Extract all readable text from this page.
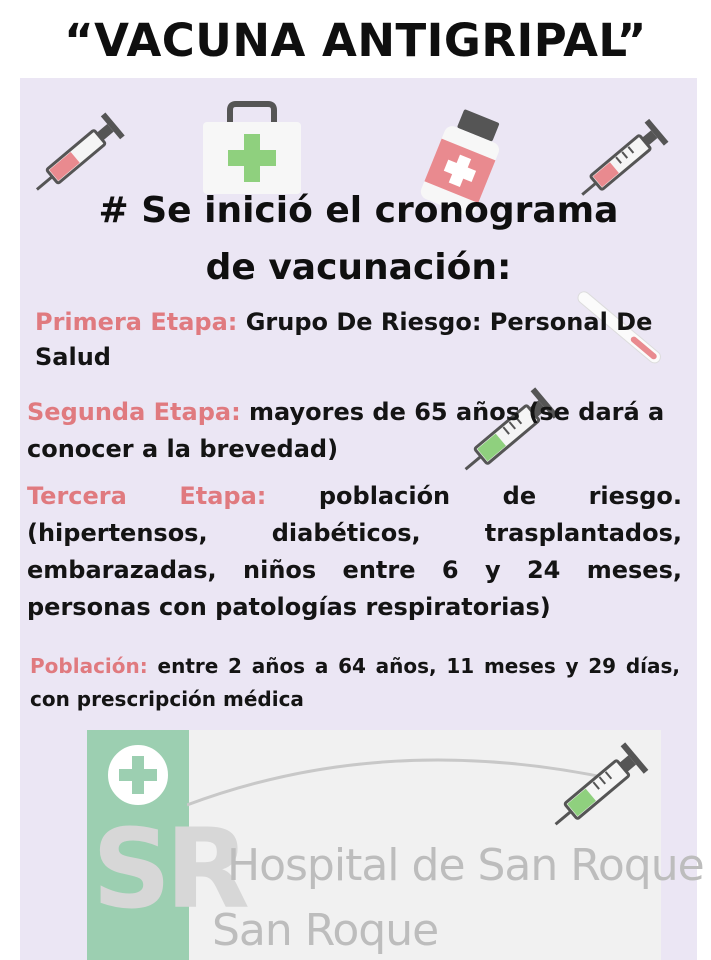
“VACUNA ANTIGRIPAL”
# Se inició el cronograma
de vacunación:
Primera Etapa: Grupo De Riesgo: Personal De Salud
Segunda Etapa: mayores de 65 años (se dará a conocer a la brevedad)
Tercera Etapa: población de riesgo. (hipertensos, diabéticos, trasplantados, embarazadas, niños entre 6 y 24 meses, personas con patologías respiratorias)
Población: entre 2 años a 64 años, 11 meses y 29 días, con prescripción médica
SR
Hospital de San Roque
San Roque
